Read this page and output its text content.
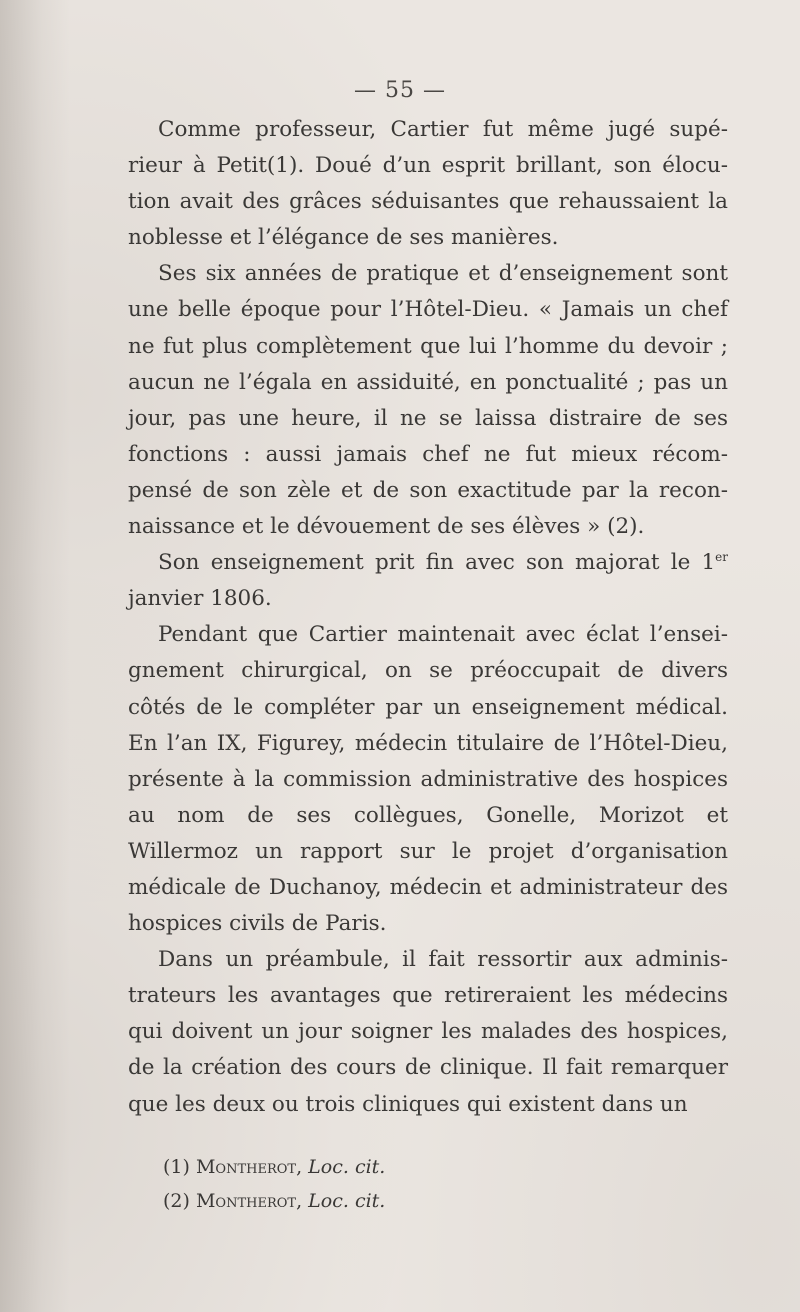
— 55 —

Comme professeur, Cartier fut même jugé supé- rieur à Petit(1). Doué d’un esprit brillant, son élocu- tion avait des grâces séduisantes que rehaussaient la noblesse et l’élégance de ses manières.

Ses six années de pratique et d’enseignement sont une belle époque pour l’Hôtel-Dieu. « Jamais un chef ne fut plus complètement que lui l’homme du devoir ; aucun ne l’égala en assiduité, en ponctualité ; pas un jour, pas une heure, il ne se laissa distraire de ses fonctions : aussi jamais chef ne fut mieux récom- pensé de son zèle et de son exactitude par la recon- naissance et le dévouement de ses élèves » (2).

Son enseignement prit fin avec son majorat le 1er janvier 1806.

Pendant que Cartier maintenait avec éclat l’ensei- gnement chirurgical, on se préoccupait de divers côtés de le compléter par un enseignement médical. En l’an IX, Figurey, médecin titulaire de l’Hôtel-Dieu, présente à la commission administrative des hospices au nom de ses collègues, Gonelle, Morizot et Willermoz un rapport sur le projet d’organisation médicale de Duchanoy, médecin et administrateur des hospices civils de Paris.

Dans un préambule, il fait ressortir aux adminis- trateurs les avantages que retireraient les médecins qui doivent un jour soigner les malades des hospices, de la création des cours de clinique. Il fait remarquer que les deux ou trois cliniques qui existent dans un

(1) Montherot, Loc. cit.

(2) Montherot, Loc. cit.
